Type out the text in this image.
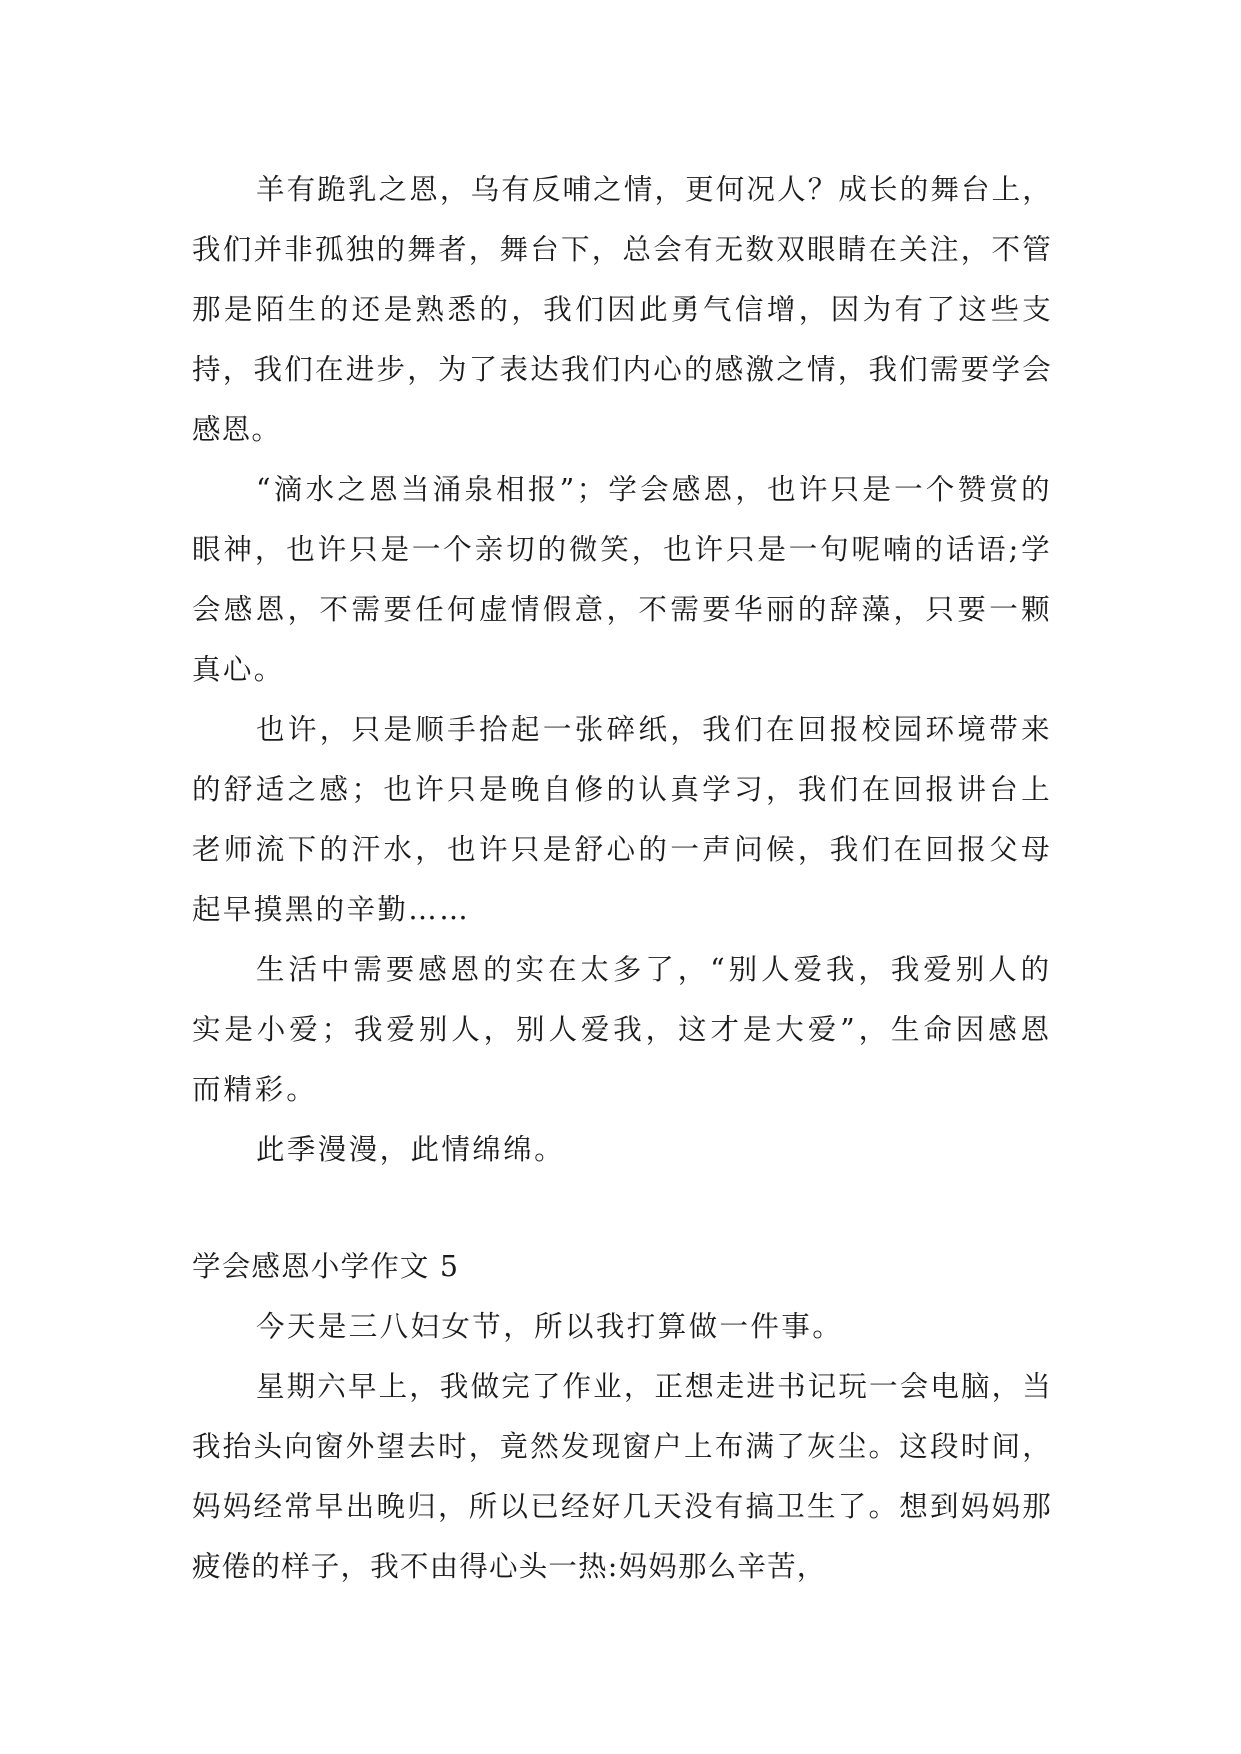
羊有跪乳之恩，乌有反哺之情，更何况人？成长的舞台上，我们并非孤独的舞者，舞台下，总会有无数双眼睛在关注，不管那是陌生的还是熟悉的，我们因此勇气信增，因为有了这些支持，我们在进步，为了表达我们内心的感激之情，我们需要学会感恩。

“滴水之恩当涌泉相报”；学会感恩，也许只是一个赞赏的眼神，也许只是一个亲切的微笑，也许只是一句呢喃的话语;学会感恩，不需要任何虚情假意，不需要华丽的辞藻，只要一颗真心。

也许，只是顺手拾起一张碎纸，我们在回报校园环境带来的舒适之感；也许只是晚自修的认真学习，我们在回报讲台上老师流下的汗水，也许只是舒心的一声问候，我们在回报父母起早摸黑的辛勤……

生活中需要感恩的实在太多了，“别人爱我，我爱别人的实是小爱；我爱别人，别人爱我，这才是大爱”，生命因感恩而精彩。

此季漫漫，此情绵绵。

学会感恩小学作文 5

今天是三八妇女节，所以我打算做一件事。

星期六早上，我做完了作业，正想走进书记玩一会电脑，当我抬头向窗外望去时，竟然发现窗户上布满了灰尘。这段时间，妈妈经常早出晚归，所以已经好几天没有搞卫生了。想到妈妈那疲倦的样子，我不由得心头一热:妈妈那么辛苦，
